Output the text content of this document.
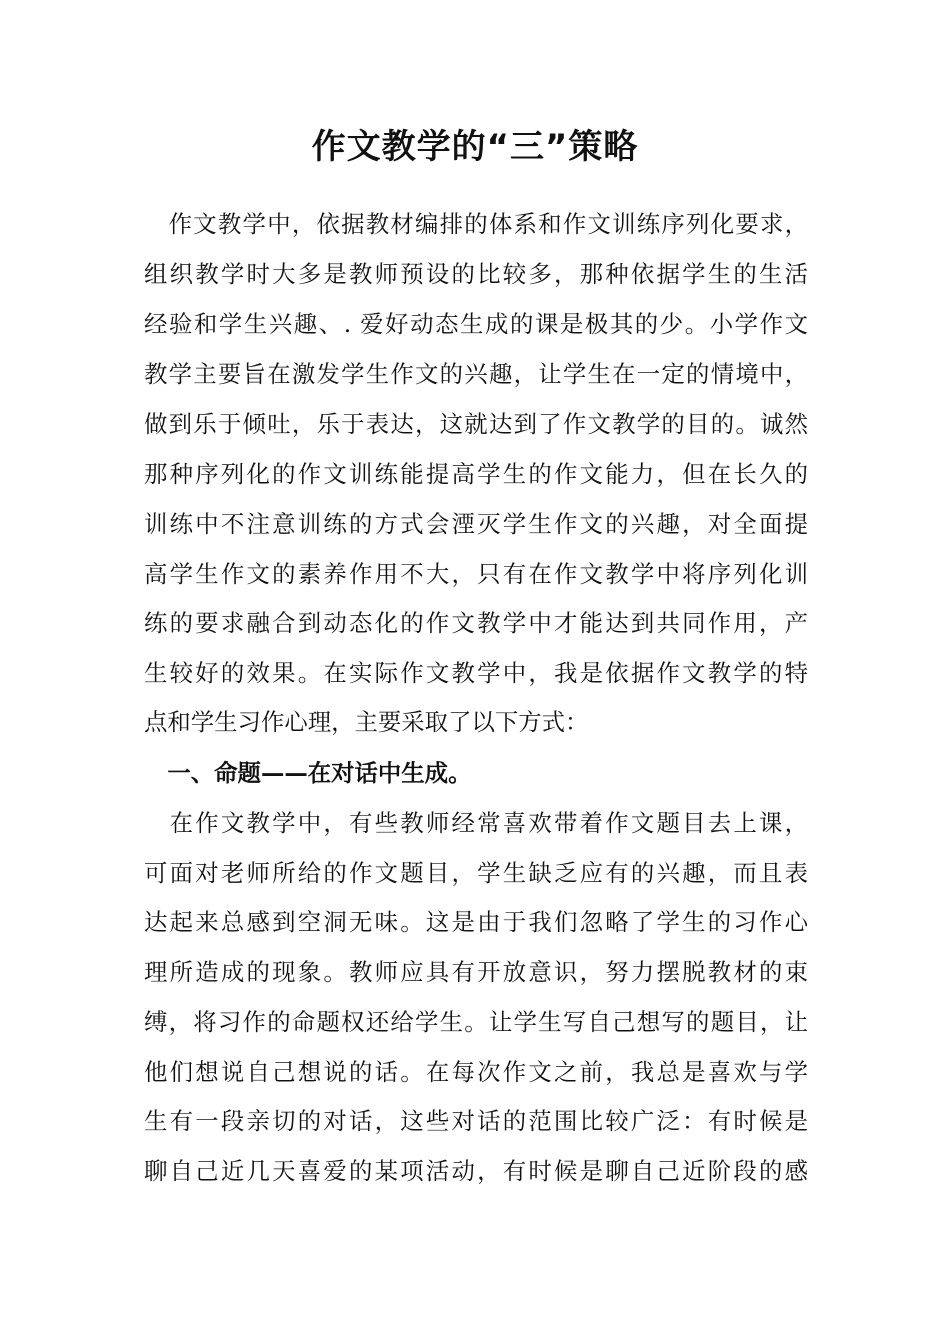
作文教学的“三”策略
　作文教学中，依据教材编排的体系和作文训练序列化要求，
组织教学时大多是教师预设的比较多，那种依据学生的生活
经验和学生兴趣、. 爱好动态生成的课是极其的少。小学作文
教学主要旨在激发学生作文的兴趣，让学生在一定的情境中，
做到乐于倾吐，乐于表达，这就达到了作文教学的目的。诚然
那种序列化的作文训练能提高学生的作文能力，但在长久的
训练中不注意训练的方式会湮灭学生作文的兴趣，对全面提
高学生作文的素养作用不大，只有在作文教学中将序列化训
练的要求融合到动态化的作文教学中才能达到共同作用，产
生较好的效果。在实际作文教学中，我是依据作文教学的特
点和学生习作心理，主要采取了以下方式：
　一、命题——在对话中生成。
　在作文教学中，有些教师经常喜欢带着作文题目去上课，
可面对老师所给的作文题目，学生缺乏应有的兴趣，而且表
达起来总感到空洞无味。这是由于我们忽略了学生的习作心
理所造成的现象。教师应具有开放意识，努力摆脱教材的束
缚，将习作的命题权还给学生。让学生写自己想写的题目，让
他们想说自己想说的话。在每次作文之前，我总是喜欢与学
生有一段亲切的对话，这些对话的范围比较广泛：有时候是
聊自己近几天喜爱的某项活动，有时候是聊自己近阶段的感
